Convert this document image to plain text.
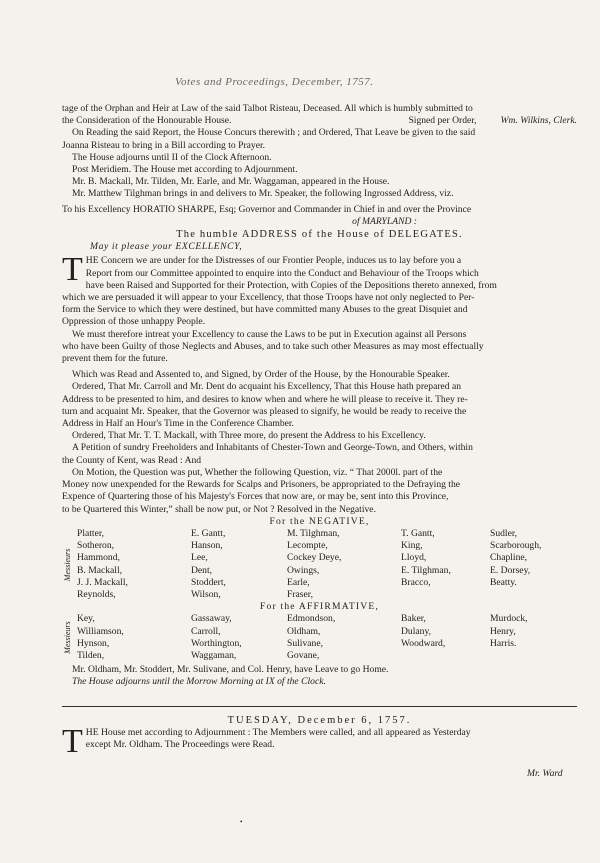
Votes and Proceedings, December, 1757.

tage of the Orphan and Heir at Law of the said Talbot Risteau, Deceased. All which is humbly submitted to

the Consideration of the Honourable House.	Signed per Order, Wm. Wilkins, Clerk.

On Reading the said Report, the House Concurs therewith ; and Ordered, That Leave be given to the said

Joanna Risteau to bring in a Bill according to Prayer.

The House adjourns until II of the Clock Afternoon.

Post Meridiem. The House met according to Adjournment.

Mr. B. Mackall, Mr. Tilden, Mr. Earle, and Mr. Waggaman, appeared in the House.

Mr. Matthew Tilghman brings in and delivers to Mr. Speaker, the following Ingrossed Address, viz.

To his Excellency HORATIO SHARPE, Esq; Governor and Commander in Chief in and over the Province

of MARYLAND :

The humble ADDRESS of the House of DELEGATES.

May it please your EXCELLENCY,

T HE Concern we are under for the Distresses of our Frontier People, induces us to lay before you a

Report from our Committee appointed to enquire into the Conduct and Behaviour of the Troops which

have been Raised and Supported for their Protection, with Copies of the Depositions thereto annexed, from

which we are persuaded it will appear to your Excellency, that those Troops have not only neglected to Per-

form the Service to which they were destined, but have committed many Abuses to the great Disquiet and

Oppression of those unhappy People.

We must therefore intreat your Excellency to cause the Laws to be put in Execution against all Persons

who have been Guilty of those Neglects and Abuses, and to take such other Measures as may most effectually

prevent them for the future.

Which was Read and Assented to, and Signed, by Order of the House, by the Honourable Speaker.

Ordered, That Mr. Carroll and Mr. Dent do acquaint his Excellency, That this House hath prepared an

Address to be presented to him, and desires to know when and where he will please to receive it. They re-

turn and acquaint Mr. Speaker, that the Governor was pleased to signify, he would be ready to receive the

Address in Half an Hour's Time in the Conference Chamber.

Ordered, That Mr. T. T. Mackall, with Three more, do present the Address to his Excellency.

A Petition of sundry Freeholders and Inhabitants of Chester-Town and George-Town, and Others, within

the County of Kent, was Read : And

On Motion, the Question was put, Whether the following Question, viz. “ That 2000l. part of the

Money now unexpended for the Rewards for Scalps and Prisoners, be appropriated to the Defraying the

Expence of Quartering those of his Majesty's Forces that now are, or may be, sent into this Province,

to be Quartered this Winter,” shall be now put, or Not ? Resolved in the Negative.

For the NEGATIVE,

Messieurs
Platter,	E. Gantt,	M. Tilghman,	T. Gantt,	Sudler,
Sotheron,	Hanson,	Lecompte,	King,	Scarborough,
Hammond,	Lee,	Cockey Deye,	Lloyd,	Chapline,
B. Mackall,	Dent,	Owings,	E. Tilghman,	E. Dorsey,
J. J. Mackall,	Stoddert,	Earle,	Bracco,	Beatty.
Reynolds,	Wilson,	Fraser,

For the AFFIRMATIVE,

Messieurs
Key,	Gassaway,	Edmondson,	Baker,	Murdock,
Williamson,	Carroll,	Oldham,	Dulany,	Henry,
Hynson,	Worthington,	Sulivane,	Woodward,	Harris.
Tilden,	Waggaman,	Govane,

Mr. Oldham, Mr. Stoddert, Mr. Sulivane, and Col. Henry, have Leave to go Home.

The House adjourns until the Morrow Morning at IX of the Clock.

TUESDAY, December 6, 1757.

T HE House met according to Adjournment : The Members were called, and all appeared as Yesterday

except Mr. Oldham. The Proceedings were Read.

Mr. Ward
•
